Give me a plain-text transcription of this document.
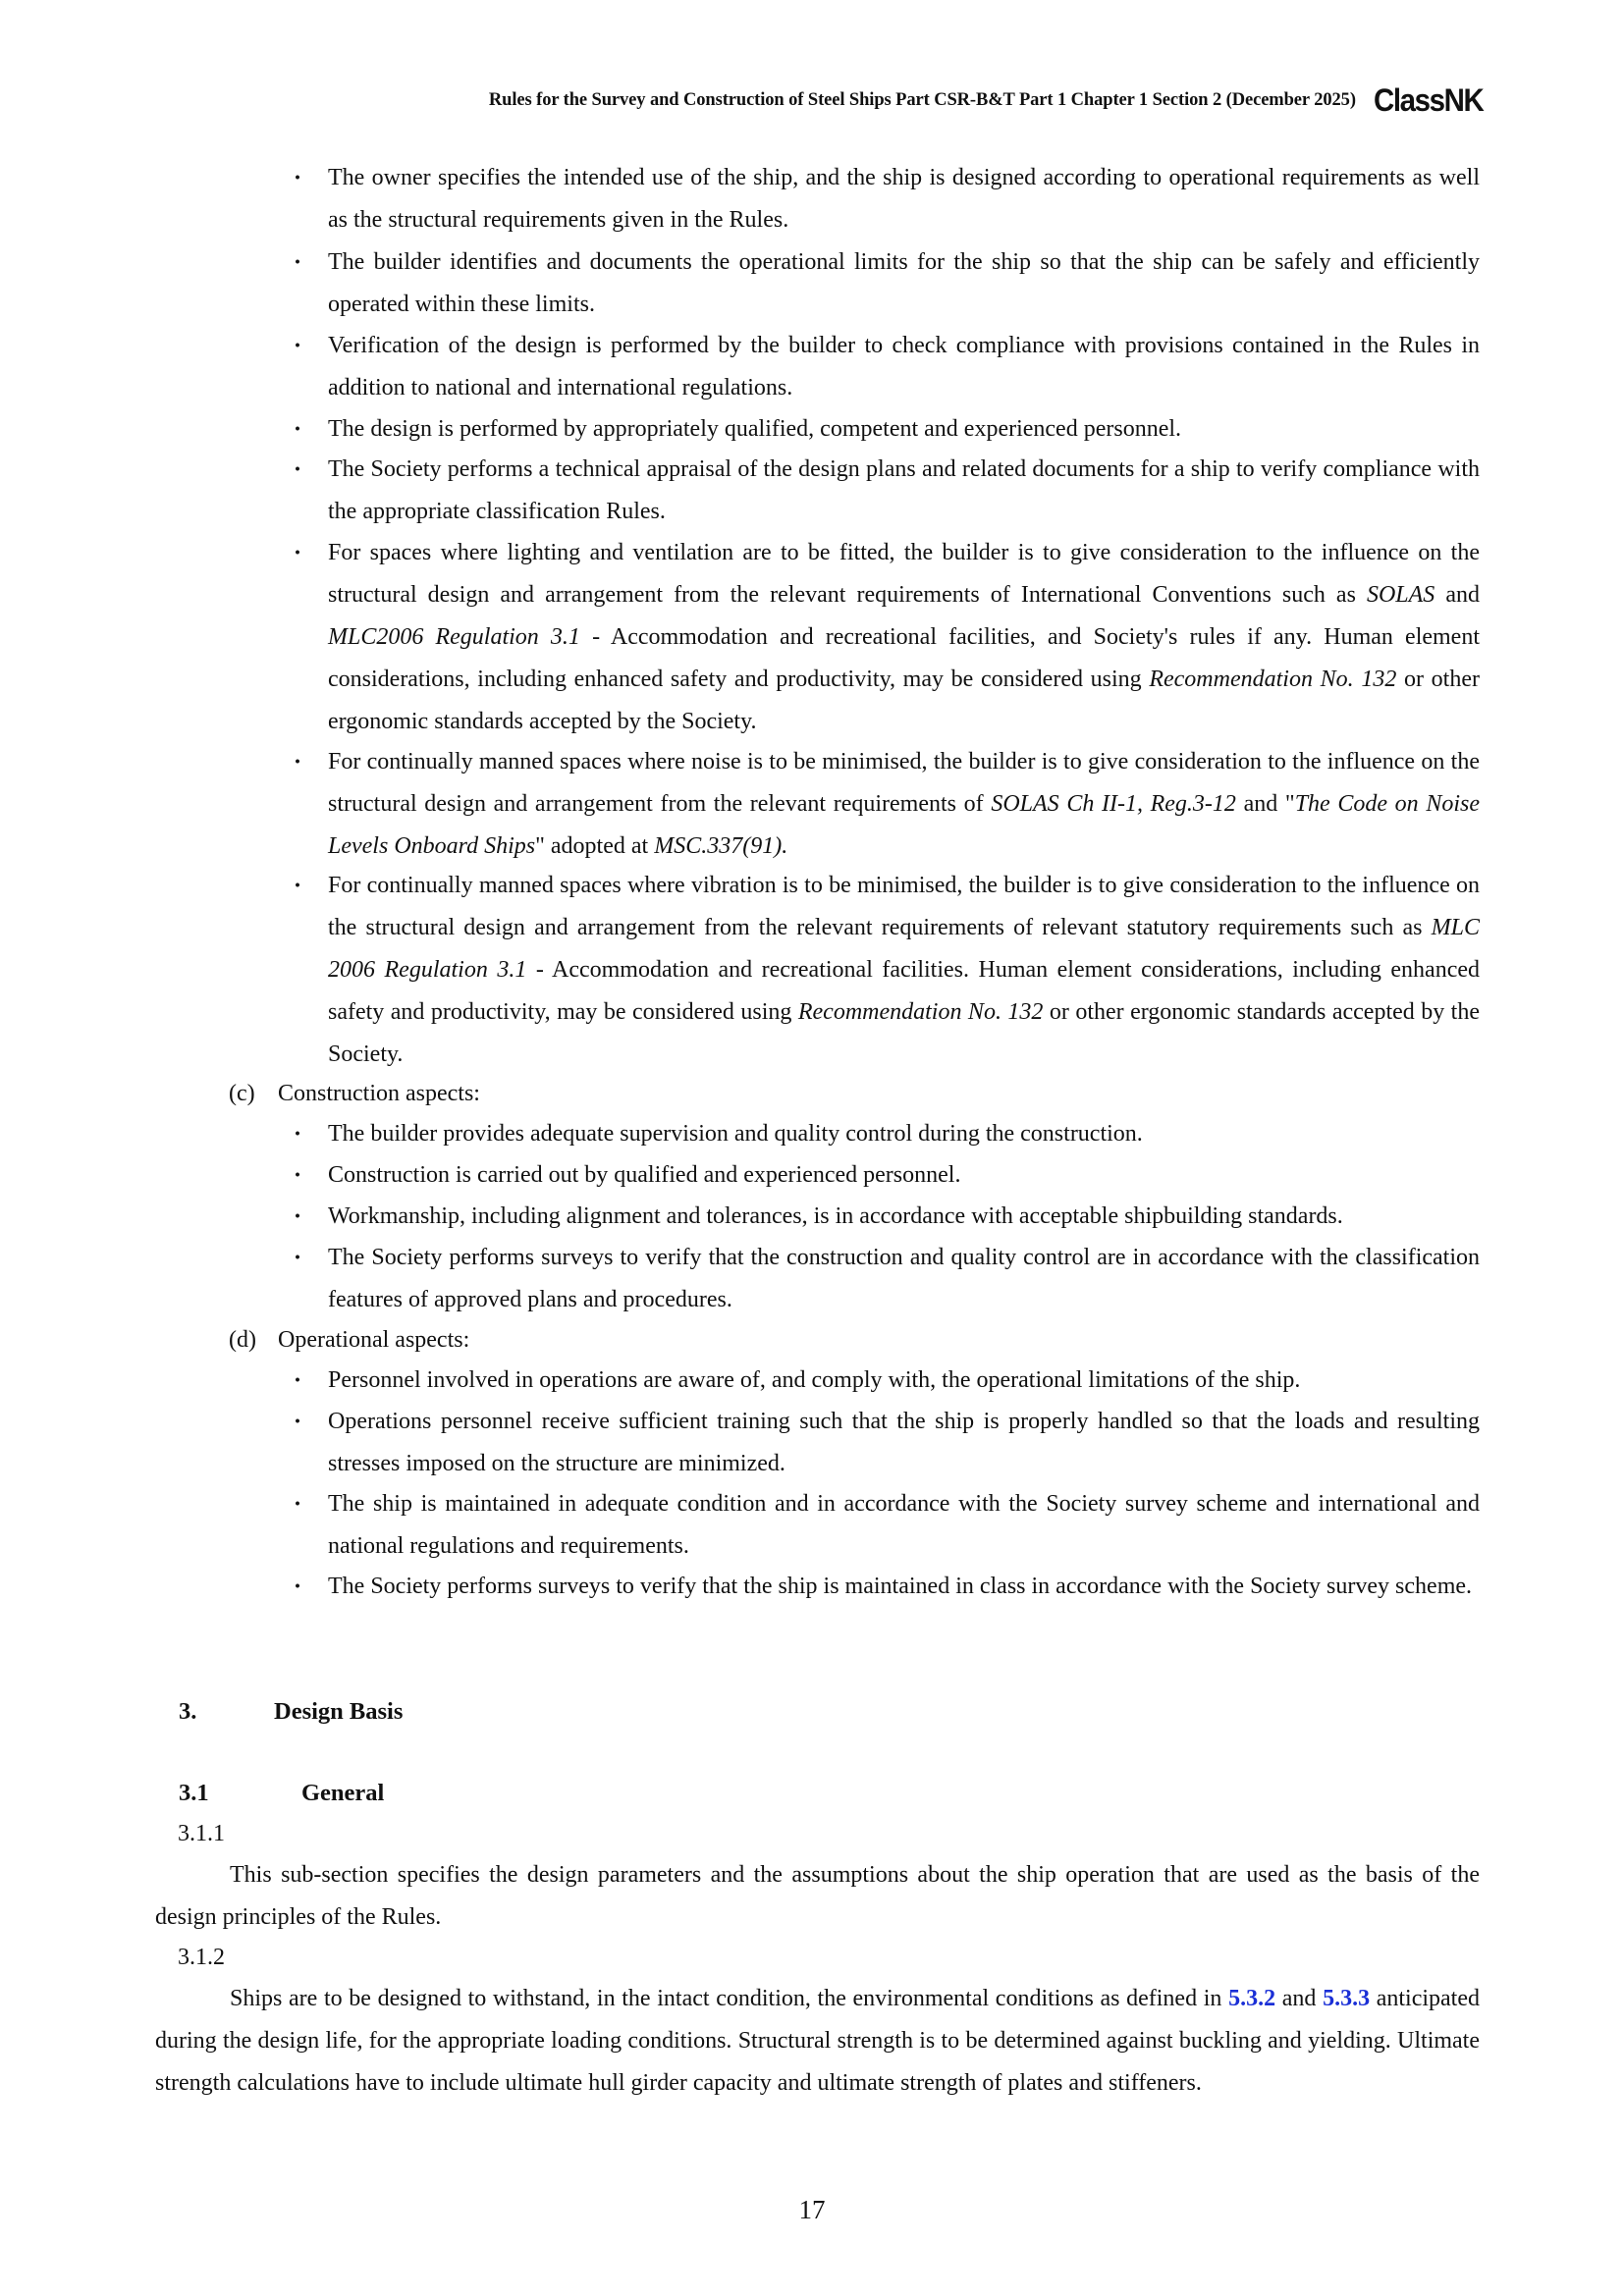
Rules for the Survey and Construction of Steel Ships Part CSR-B&T Part 1 Chapter 1 Section 2 (December 2025) ClassNK
・ The owner specifies the intended use of the ship, and the ship is designed according to operational requirements as well as the structural requirements given in the Rules.
・ The builder identifies and documents the operational limits for the ship so that the ship can be safely and efficiently operated within these limits.
・ Verification of the design is performed by the builder to check compliance with provisions contained in the Rules in addition to national and international regulations.
・ The design is performed by appropriately qualified, competent and experienced personnel.
・ The Society performs a technical appraisal of the design plans and related documents for a ship to verify compliance with the appropriate classification Rules.
・ For spaces where lighting and ventilation are to be fitted, the builder is to give consideration to the influence on the structural design and arrangement from the relevant requirements of International Conventions such as SOLAS and MLC2006 Regulation 3.1 - Accommodation and recreational facilities, and Society's rules if any. Human element considerations, including enhanced safety and productivity, may be considered using Recommendation No. 132 or other ergonomic standards accepted by the Society.
・ For continually manned spaces where noise is to be minimised, the builder is to give consideration to the influence on the structural design and arrangement from the relevant requirements of SOLAS Ch II-1, Reg.3-12 and "The Code on Noise Levels Onboard Ships" adopted at MSC.337(91).
・ For continually manned spaces where vibration is to be minimised, the builder is to give consideration to the influence on the structural design and arrangement from the relevant requirements of relevant statutory requirements such as MLC 2006 Regulation 3.1 - Accommodation and recreational facilities. Human element considerations, including enhanced safety and productivity, may be considered using Recommendation No. 132 or other ergonomic standards accepted by the Society.
(c) Construction aspects:
・ The builder provides adequate supervision and quality control during the construction.
・ Construction is carried out by qualified and experienced personnel.
・ Workmanship, including alignment and tolerances, is in accordance with acceptable shipbuilding standards.
・ The Society performs surveys to verify that the construction and quality control are in accordance with the classification features of approved plans and procedures.
(d) Operational aspects:
・ Personnel involved in operations are aware of, and comply with, the operational limitations of the ship.
・ Operations personnel receive sufficient training such that the ship is properly handled so that the loads and resulting stresses imposed on the structure are minimized.
・ The ship is maintained in adequate condition and in accordance with the Society survey scheme and international and national regulations and requirements.
・ The Society performs surveys to verify that the ship is maintained in class in accordance with the Society survey scheme.
3.	Design Basis
3.1	General
3.1.1
This sub-section specifies the design parameters and the assumptions about the ship operation that are used as the basis of the design principles of the Rules.
3.1.2
Ships are to be designed to withstand, in the intact condition, the environmental conditions as defined in 5.3.2 and 5.3.3 anticipated during the design life, for the appropriate loading conditions. Structural strength is to be determined against buckling and yielding. Ultimate strength calculations have to include ultimate hull girder capacity and ultimate strength of plates and stiffeners.
17
